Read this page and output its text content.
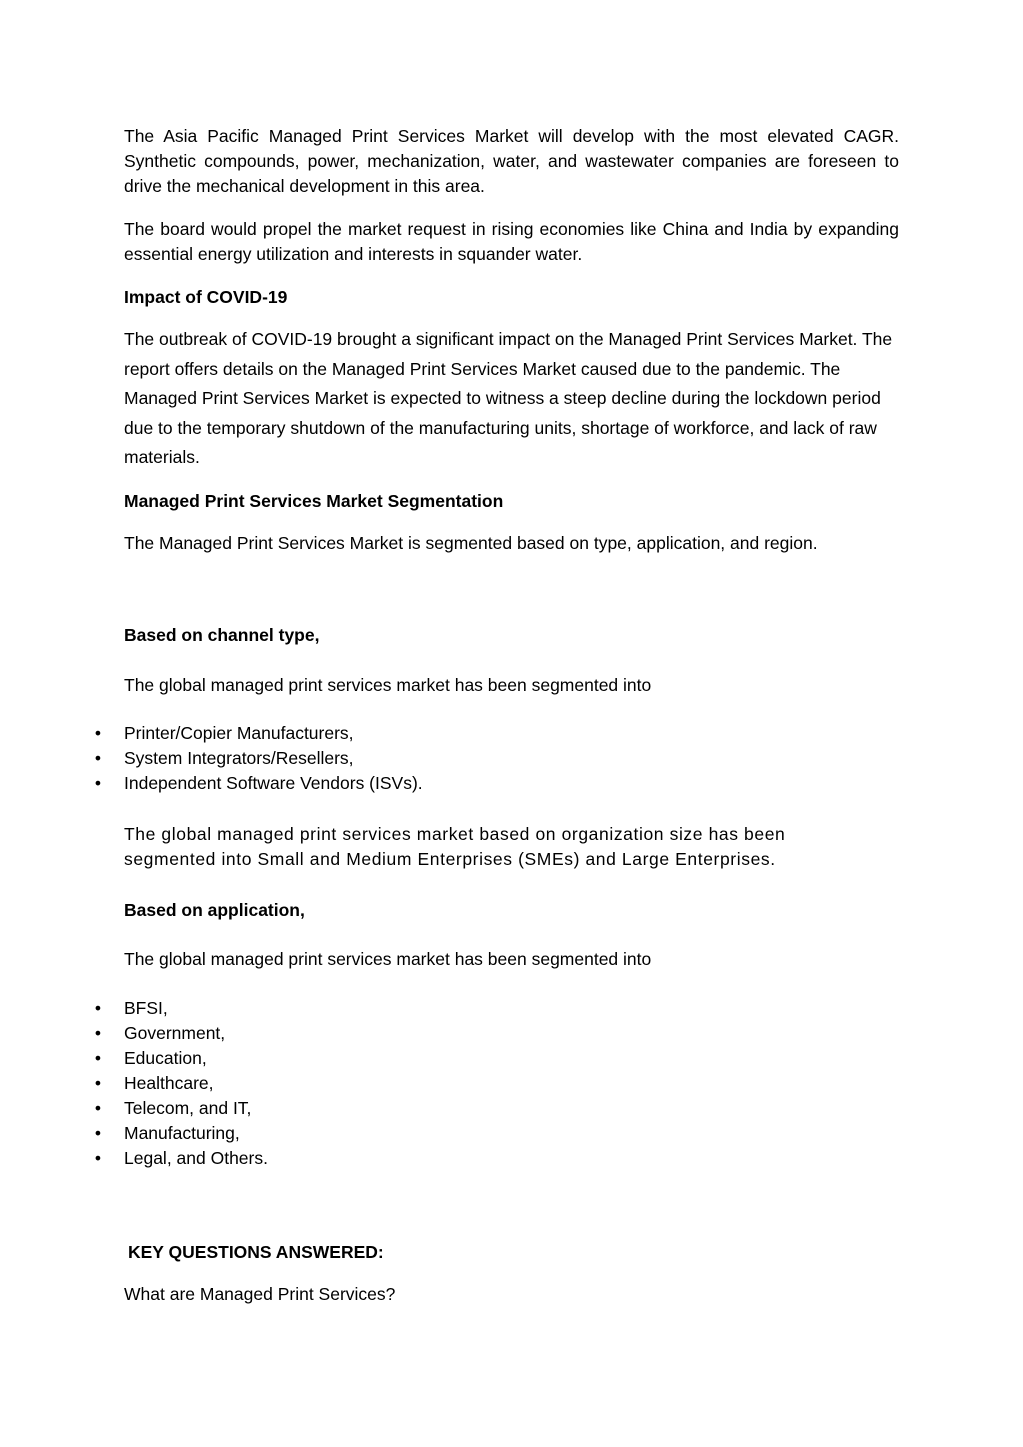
The Asia Pacific Managed Print Services Market will develop with the most elevated CAGR. Synthetic compounds, power, mechanization, water, and wastewater companies are foreseen to drive the mechanical development in this area.

The board would propel the market request in rising economies like China and India by expanding essential energy utilization and interests in squander water.

Impact of COVID-19

The outbreak of COVID-19 brought a significant impact on the Managed Print Services Market. The report offers details on the Managed Print Services Market caused due to the pandemic. The Managed Print Services Market is expected to witness a steep decline during the lockdown period due to the temporary shutdown of the manufacturing units, shortage of workforce, and lack of raw materials.

Managed Print Services Market Segmentation

The Managed Print Services Market is segmented based on type, application, and region.

Based on channel type,

The global managed print services market has been segmented into

• Printer/Copier Manufacturers,
• System Integrators/Resellers,
• Independent Software Vendors (ISVs).

The global managed print services market based on organization size has been segmented into Small and Medium Enterprises (SMEs) and Large Enterprises.

Based on application,

The global managed print services market has been segmented into

• BFSI,
• Government,
• Education,
• Healthcare,
• Telecom, and IT,
• Manufacturing,
• Legal, and Others.

KEY QUESTIONS ANSWERED:

What are Managed Print Services?
